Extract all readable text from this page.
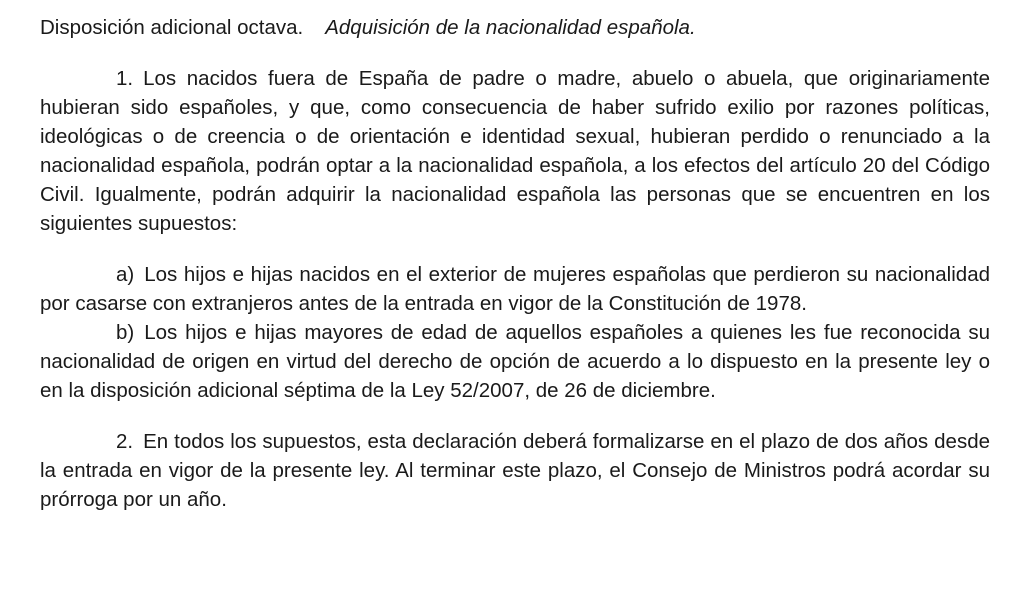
Disposición adicional octava. Adquisición de la nacionalidad española.

1. Los nacidos fuera de España de padre o madre, abuelo o abuela, que originariamente hubieran sido españoles, y que, como consecuencia de haber sufrido exilio por razones políticas, ideológicas o de creencia o de orientación e identidad sexual, hubieran perdido o renunciado a la nacionalidad española, podrán optar a la nacionalidad española, a los efectos del artículo 20 del Código Civil. Igualmente, podrán adquirir la nacionalidad española las personas que se encuentren en los siguientes supuestos:

a) Los hijos e hijas nacidos en el exterior de mujeres españolas que perdieron su nacionalidad por casarse con extranjeros antes de la entrada en vigor de la Constitución de 1978.

b) Los hijos e hijas mayores de edad de aquellos españoles a quienes les fue reconocida su nacionalidad de origen en virtud del derecho de opción de acuerdo a lo dispuesto en la presente ley o en la disposición adicional séptima de la Ley 52/2007, de 26 de diciembre.

2. En todos los supuestos, esta declaración deberá formalizarse en el plazo de dos años desde la entrada en vigor de la presente ley. Al terminar este plazo, el Consejo de Ministros podrá acordar su prórroga por un año.
